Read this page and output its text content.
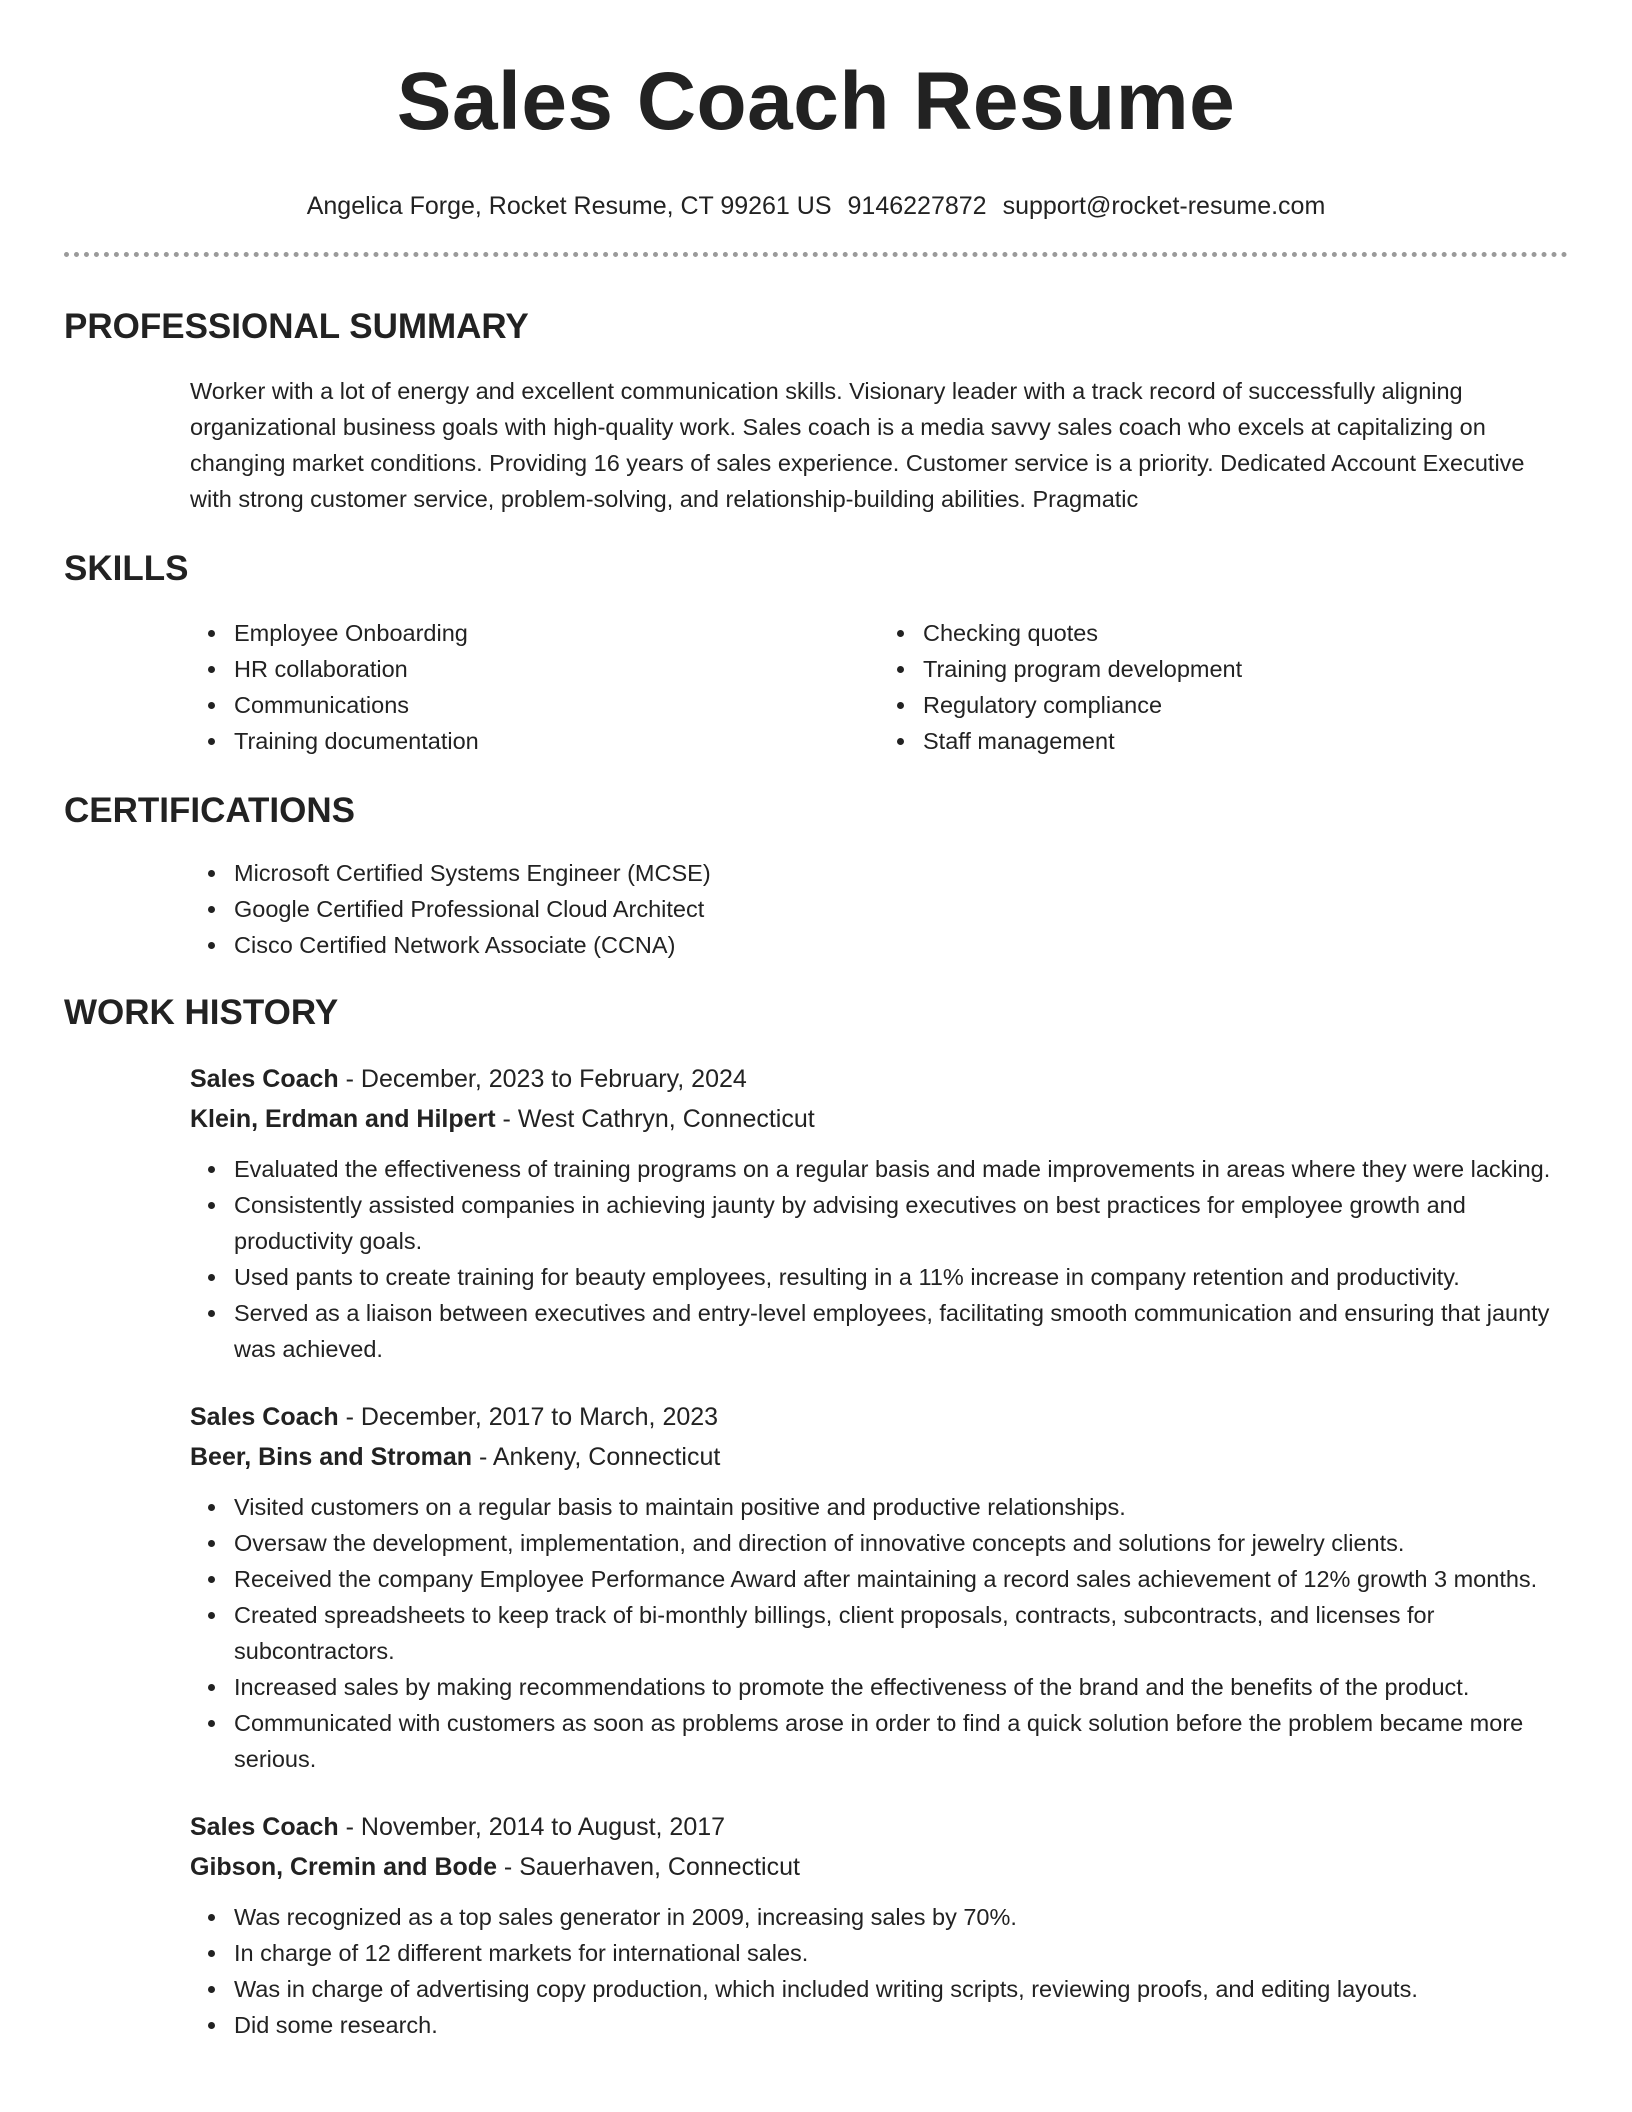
Sales Coach Resume
Angelica Forge, Rocket Resume, CT 99261 US 9146227872 support@rocket-resume.com
PROFESSIONAL SUMMARY

Worker with a lot of energy and excellent communication skills. Visionary leader with a track record of successfully aligning organizational business goals with high-quality work. Sales coach is a media savvy sales coach who excels at capitalizing on changing market conditions. Providing 16 years of sales experience. Customer service is a priority. Dedicated Account Executive with strong customer service, problem-solving, and relationship-building abilities. Pragmatic

SKILLS
Employee Onboarding
HR collaboration
Communications
Training documentation
Checking quotes
Training program development
Regulatory compliance
Staff management
CERTIFICATIONS
Microsoft Certified Systems Engineer (MCSE)
Google Certified Professional Cloud Architect
Cisco Certified Network Associate (CCNA)
WORK HISTORY
Sales Coach - December, 2023 to February, 2024
Klein, Erdman and Hilpert - West Cathryn, Connecticut
Evaluated the effectiveness of training programs on a regular basis and made improvements in areas where they were lacking.
Consistently assisted companies in achieving jaunty by advising executives on best practices for employee growth and productivity goals.
Used pants to create training for beauty employees, resulting in a 11% increase in company retention and productivity.
Served as a liaison between executives and entry-level employees, facilitating smooth communication and ensuring that jaunty was achieved.
Sales Coach - December, 2017 to March, 2023
Beer, Bins and Stroman - Ankeny, Connecticut
Visited customers on a regular basis to maintain positive and productive relationships.
Oversaw the development, implementation, and direction of innovative concepts and solutions for jewelry clients.
Received the company Employee Performance Award after maintaining a record sales achievement of 12% growth 3 months.
Created spreadsheets to keep track of bi-monthly billings, client proposals, contracts, subcontracts, and licenses for subcontractors.
Increased sales by making recommendations to promote the effectiveness of the brand and the benefits of the product.
Communicated with customers as soon as problems arose in order to find a quick solution before the problem became more serious.
Sales Coach - November, 2014 to August, 2017
Gibson, Cremin and Bode - Sauerhaven, Connecticut
Was recognized as a top sales generator in 2009, increasing sales by 70%.
In charge of 12 different markets for international sales.
Was in charge of advertising copy production, which included writing scripts, reviewing proofs, and editing layouts.
Did some research.
